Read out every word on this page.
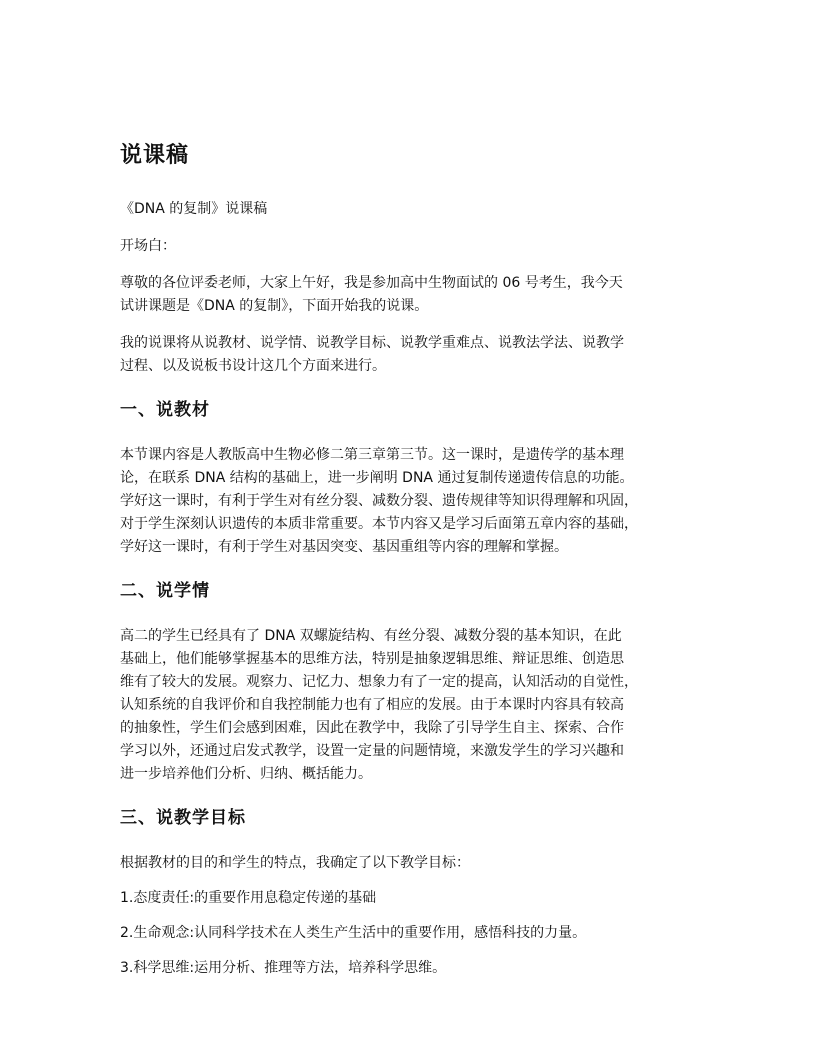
说课稿
《DNA 的复制》说课稿
开场白：
尊敬的各位评委老师，大家上午好，我是参加高中生物面试的 06 号考生，我今天
试讲课题是《DNA 的复制》，下面开始我的说课。
我的说课将从说教材、说学情、说教学目标、说教学重难点、说教法学法、说教学
过程、以及说板书设计这几个方面来进行。
一、说教材
本节课内容是人教版高中生物必修二第三章第三节。这一课时，是遗传学的基本理
论，在联系 DNA 结构的基础上，进一步阐明 DNA 通过复制传递遗传信息的功能。
学好这一课时，有利于学生对有丝分裂、减数分裂、遗传规律等知识得理解和巩固，
对于学生深刻认识遗传的本质非常重要。本节内容又是学习后面第五章内容的基础，
学好这一课时，有利于学生对基因突变、基因重组等内容的理解和掌握。
二、说学情
高二的学生已经具有了 DNA 双螺旋结构、有丝分裂、减数分裂的基本知识，在此
基础上，他们能够掌握基本的思维方法，特别是抽象逻辑思维、辩证思维、创造思
维有了较大的发展。观察力、记忆力、想象力有了一定的提高，认知活动的自觉性，
认知系统的自我评价和自我控制能力也有了相应的发展。由于本课时内容具有较高
的抽象性，学生们会感到困难，因此在教学中，我除了引导学生自主、探索、合作
学习以外，还通过启发式教学，设置一定量的问题情境，来激发学生的学习兴趣和
进一步培养他们分析、归纳、概括能力。
三、说教学目标
根据教材的目的和学生的特点，我确定了以下教学目标：
1.态度责任:的重要作用息稳定传递的基础
2.生命观念:认同科学技术在人类生产生活中的重要作用，感悟科技的力量。
3.科学思维:运用分析、推理等方法，培养科学思维。
